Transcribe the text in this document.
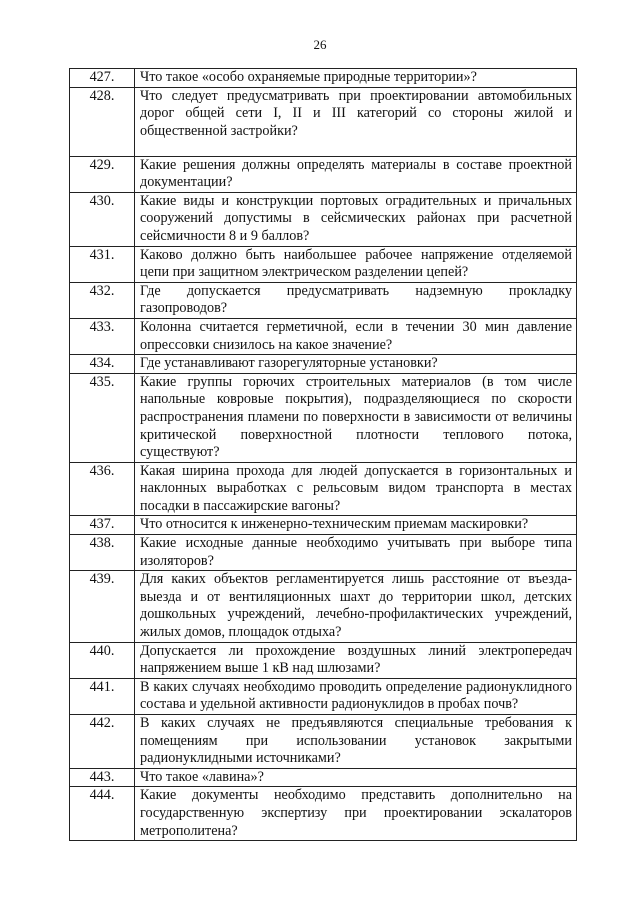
26
427.	Что такое «особо охраняемые природные территории»?
428.	Что следует предусматривать при проектировании автомобильных дорог общей сети I, II и III категорий со стороны жилой и общественной застройки?
429.	Какие решения должны определять материалы в составе проектной документации?
430.	Какие виды и конструкции портовых оградительных и причальных сооружений допустимы в сейсмических районах при расчетной сейсмичности 8 и 9 баллов?
431.	Каково должно быть наибольшее рабочее напряжение отделяемой цепи при защитном электрическом разделении цепей?
432.	Где допускается предусматривать надземную прокладку газопроводов?
433.	Колонна считается герметичной, если в течении 30 мин давление опрессовки снизилось на какое значение?
434.	Где устанавливают газорегуляторные установки?
435.	Какие группы горючих строительных материалов (в том числе напольные ковровые покрытия), подразделяющиеся по скорости распространения пламени по поверхности в зависимости от величины критической поверхностной плотности теплового потока, существуют?
436.	Какая ширина прохода для людей допускается в горизонтальных и наклонных выработках с рельсовым видом транспорта в местах посадки в пассажирские вагоны?
437.	Что относится к инженерно-техническим приемам маскировки?
438.	Какие исходные данные необходимо учитывать при выборе типа изоляторов?
439.	Для каких объектов регламентируется лишь расстояние от въезда-выезда и от вентиляционных шахт до территории школ, детских дошкольных учреждений, лечебно-профилактических учреждений, жилых домов, площадок отдыха?
440.	Допускается ли прохождение воздушных линий электропередач напряжением выше 1 кВ над шлюзами?
441.	В каких случаях необходимо проводить определение радионуклидного состава и удельной активности радионуклидов в пробах почв?
442.	В каких случаях не предъявляются специальные требования к помещениям при использовании установок закрытыми радионуклидными источниками?
443.	Что такое «лавина»?
444.	Какие документы необходимо представить дополнительно на государственную экспертизу при проектировании эскалаторов метрополитена?
